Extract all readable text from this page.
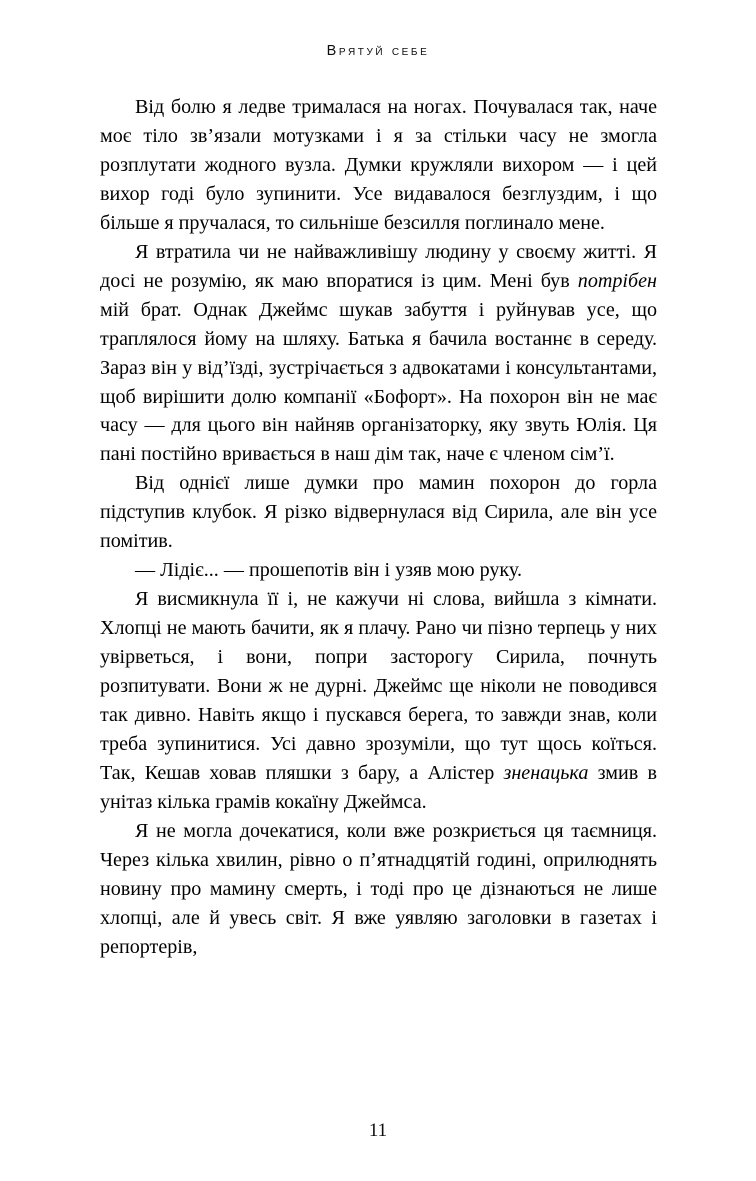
Врятуй себе

Від болю я ледве трималася на ногах. Почувалася так, наче моє тіло зв’язали мотузками і я за стільки часу не змогла розплутати жодного вузла. Думки кружляли вихором — і цей вихор годі було зупинити. Усе видавалося безглуздим, і що більше я пручалася, то сильніше безсилля поглинало мене.

Я втратила чи не найважливішу людину у своєму житті. Я досі не розумію, як маю впоратися із цим. Мені був потрібен мій брат. Однак Джеймс шукав забуття і руйнував усе, що траплялося йому на шляху. Батька я бачила востаннє в середу. Зараз він у від’їзді, зустрічається з адвокатами і консультантами, щоб вирішити долю компанії «Бофорт». На похорон він не має часу — для цього він найняв організаторку, яку звуть Юлія. Ця пані постійно вривається в наш дім так, наче є членом сім’ї.

Від однієї лише думки про мамин похорон до горла підступив клубок. Я різко відвернулася від Сирила, але він усе помітив.

— Лідіє... — прошепотів він і узяв мою руку.

Я висмикнула її і, не кажучи ні слова, вийшла з кімнати. Хлопці не мають бачити, як я плачу. Рано чи пізно терпець у них увірветься, і вони, попри засторогу Сирила, почнуть розпитувати. Вони ж не дурні. Джеймс ще ніколи не поводився так дивно. Навіть якщо і пускався берега, то завжди знав, коли треба зупинитися. Усі давно зрозуміли, що тут щось коїться. Так, Кешав ховав пляшки з бару, а Алістер зненацька змив в унітаз кілька грамів кокаїну Джеймса.

Я не могла дочекатися, коли вже розкриється ця таємниця. Через кілька хвилин, рівно о п’ятнадцятій годині, оприлюднять новину про мамину смерть, і тоді про це дізнаються не лише хлопці, але й увесь світ. Я вже уявляю заголовки в газетах і репортерів,

11
